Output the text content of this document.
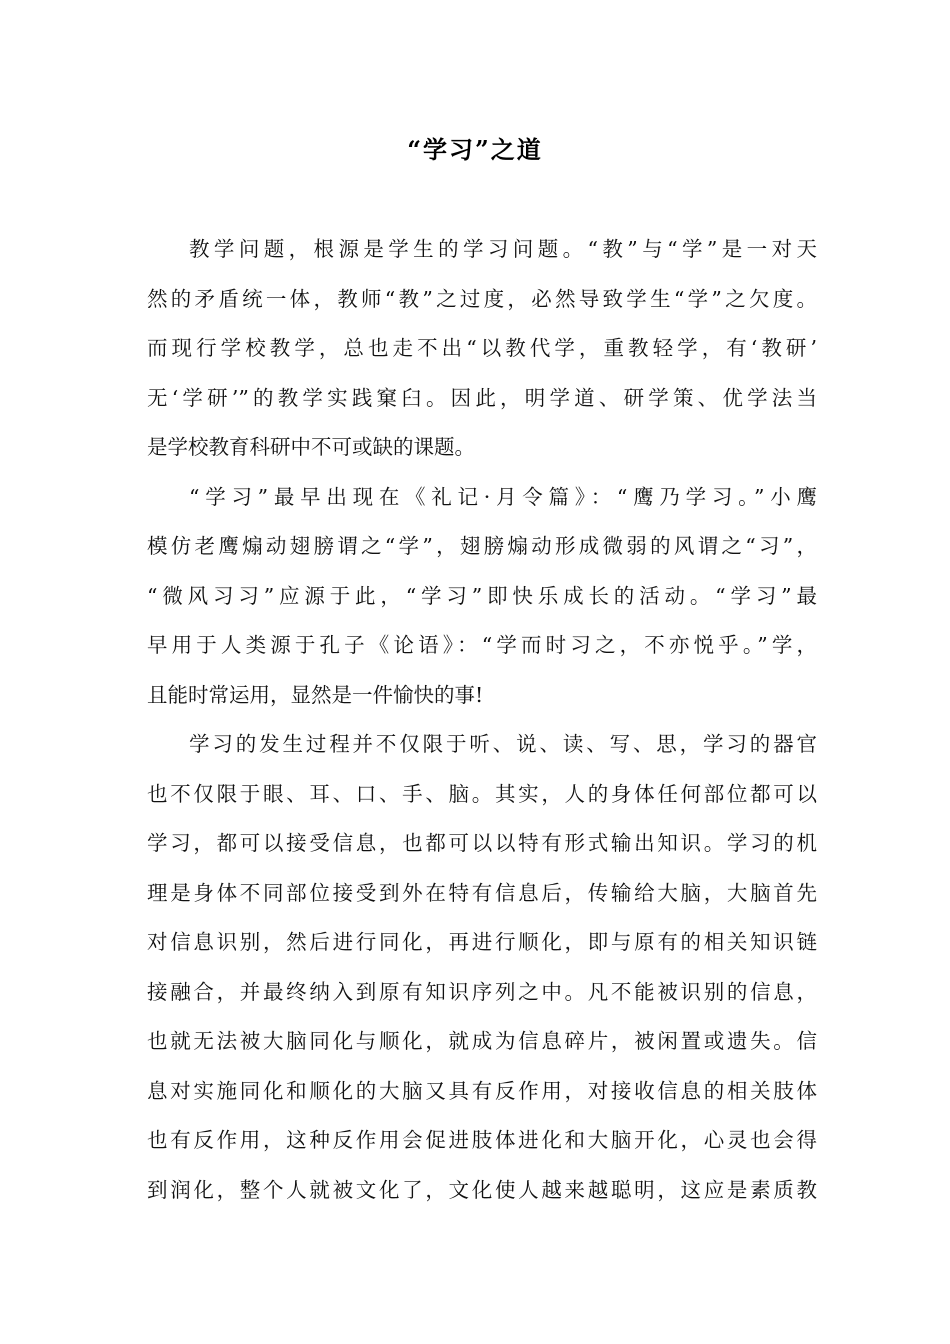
“学习”之道
教学问题，根源是学生的学习问题。“教”与“学”是一对天
然的矛盾统一体，教师“教”之过度，必然导致学生“学”之欠度。
而现行学校教学，总也走不出“以教代学，重教轻学，有‘教研’
无‘学研’”的教学实践窠臼。因此，明学道、研学策、优学法当
是学校教育科研中不可或缺的课题。
“学习”最早出现在《礼记·月令篇》：“鹰乃学习。”小鹰
模仿老鹰煽动翅膀谓之“学”，翅膀煽动形成微弱的风谓之“习”，
“微风习习”应源于此，“学习”即快乐成长的活动。“学习”最
早用于人类源于孔子《论语》：“学而时习之，不亦悦乎。”学，
且能时常运用，显然是一件愉快的事!
学习的发生过程并不仅限于听、说、读、写、思，学习的器官
也不仅限于眼、耳、口、手、脑。其实，人的身体任何部位都可以
学习，都可以接受信息，也都可以以特有形式输出知识。学习的机
理是身体不同部位接受到外在特有信息后，传输给大脑，大脑首先
对信息识别，然后进行同化，再进行顺化，即与原有的相关知识链
接融合，并最终纳入到原有知识序列之中。凡不能被识别的信息，
也就无法被大脑同化与顺化，就成为信息碎片，被闲置或遗失。信
息对实施同化和顺化的大脑又具有反作用，对接收信息的相关肢体
也有反作用，这种反作用会促进肢体进化和大脑开化，心灵也会得
到润化，整个人就被文化了，文化使人越来越聪明，这应是素质教
